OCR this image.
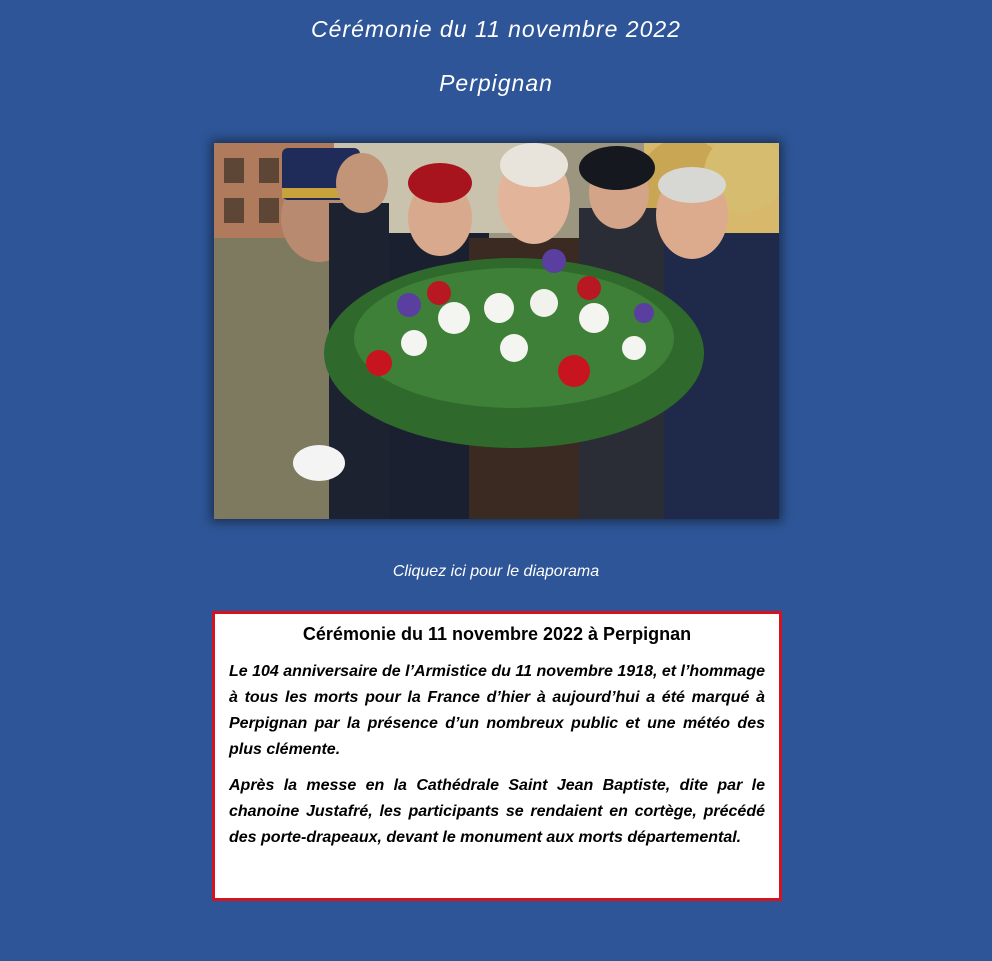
Cérémonie du 11 novembre 2022
Perpignan
Cliquez ici pour le diaporama
Cérémonie du 11 novembre 2022 à Perpignan

Le 104 anniversaire de l’Armistice du 11 novembre 1918, et l’hommage à tous les morts pour la France d’hier à aujourd’hui a été marqué à Perpignan par la présence d’un nombreux public et une météo des plus clémente.

Après la messe en la Cathédrale Saint Jean Baptiste, dite par le chanoine Justafré, les participants se rendaient en cortège, précédé des porte-drapeaux, devant le monument aux morts départemental.
